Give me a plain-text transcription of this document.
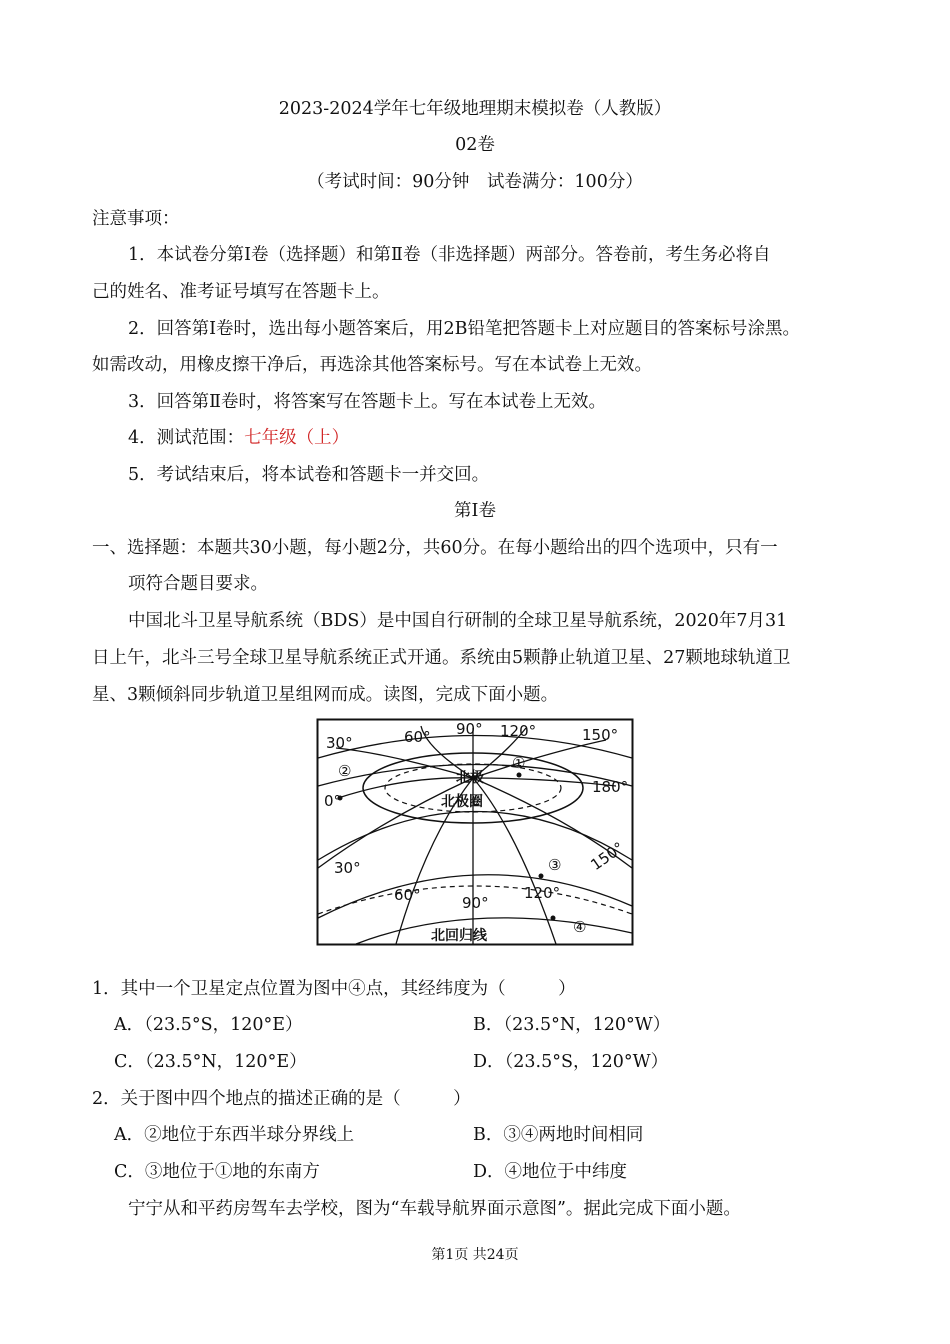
2023-2024学年七年级地理期末模拟卷（人教版）
02卷
（考试时间：90分钟　试卷满分：100分）
注意事项：
1．本试卷分第Ⅰ卷（选择题）和第Ⅱ卷（非选择题）两部分。答卷前，考生务必将自
己的姓名、准考证号填写在答题卡上。
2．回答第Ⅰ卷时，选出每小题答案后，用2B铅笔把答题卡上对应题目的答案标号涂黑。
如需改动，用橡皮擦干净后，再选涂其他答案标号。写在本试卷上无效。
3．回答第Ⅱ卷时，将答案写在答题卡上。写在本试卷上无效。
4．测试范围：七年级（上）
5．考试结束后，将本试卷和答题卡一并交回。
第Ⅰ卷
一、选择题：本题共30小题，每小题2分，共60分。在每小题给出的四个选项中，只有一
项符合题目要求。
中国北斗卫星导航系统（BDS）是中国自行研制的全球卫星导航系统，2020年7月31
日上午，北斗三号全球卫星导航系统正式开通。系统由5颗静止轨道卫星、27颗地球轨道卫
星、3颗倾斜同步轨道卫星组网而成。读图，完成下面小题。
30°	60° 90° 120°	150°
180°
0°
30°
60°	90°
120°
150°
北极
北极圈
北回归线
①
②
③
④
1．其中一个卫星定点位置为图中④点，其经纬度为（　　　）
A．（23.5°S，120°E）	B．（23.5°N，120°W）
C．（23.5°N，120°E）	D．（23.5°S，120°W）
2．关于图中四个地点的描述正确的是（　　　）
A．②地位于东西半球分界线上	B．③④两地时间相同
C．③地位于①地的东南方	D．④地位于中纬度
宁宁从和平药房驾车去学校，图为“车载导航界面示意图”。据此完成下面小题。
第1页 共24页
